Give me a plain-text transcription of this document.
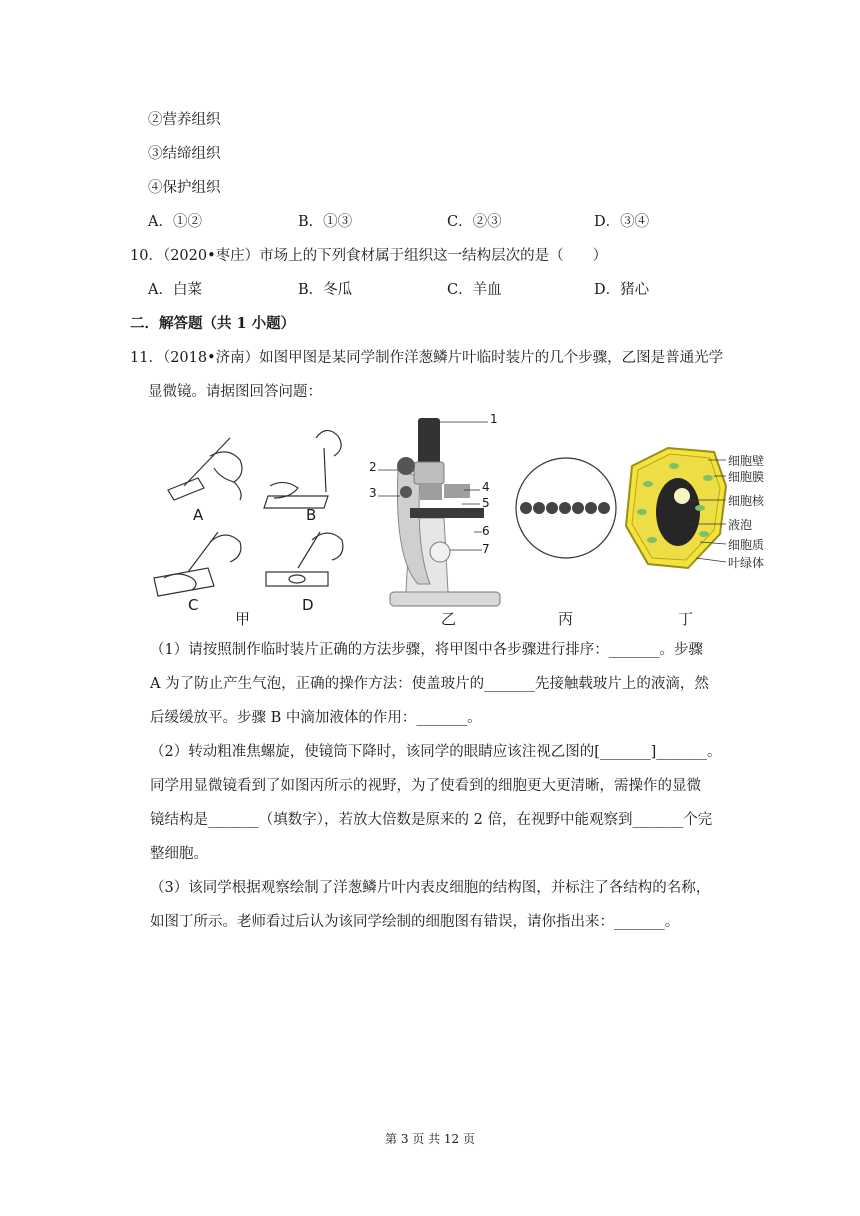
②营养组织
③结缔组织
④保护组织
A．①②	B．①③	C．②③	D．③④
10．（2020•枣庄）市场上的下列食材属于组织这一结构层次的是（　　）
A．白菜	B．冬瓜	C．羊血	D．猪心
二．解答题（共 1 小题）
11．（2018•济南）如图甲图是某同学制作洋葱鳞片叶临时装片的几个步骤，乙图是普通光学
显微镜。请据图回答问题：
A	B
C	D
1
2
3	4
5
6
7
细胞壁
细胞膜
细胞核
液泡
细胞质
叶绿体
甲	乙	丙	丁
（1）请按照制作临时装片正确的方法步骤，将甲图中各步骤进行排序：_______。步骤
A 为了防止产生气泡，正确的操作方法：使盖玻片的_______先接触载玻片上的液滴，然
后缓缓放平。步骤 B 中滴加液体的作用：_______。
（2）转动粗准焦螺旋，使镜筒下降时，该同学的眼睛应该注视乙图的[_______]_______。
同学用显微镜看到了如图丙所示的视野，为了使看到的细胞更大更清晰，需操作的显微
镜结构是_______（填数字），若放大倍数是原来的 2 倍，在视野中能观察到_______个完
整细胞。
（3）该同学根据观察绘制了洋葱鳞片叶内表皮细胞的结构图，并标注了各结构的名称，
如图丁所示。老师看过后认为该同学绘制的细胞图有错误，请你指出来：_______。
第 3 页 共 12 页
